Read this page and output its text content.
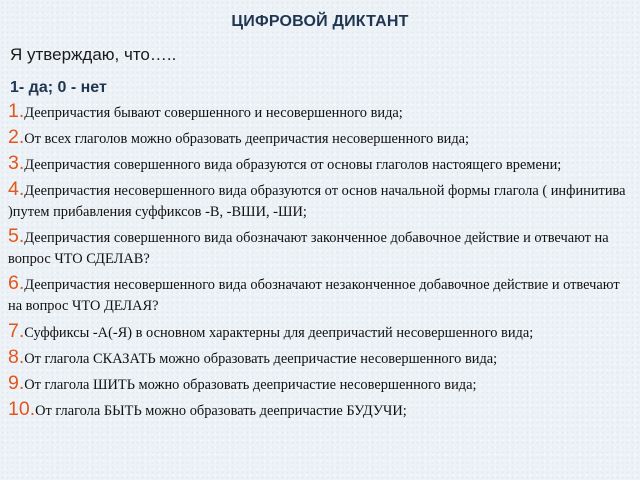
ЦИФРОВОЙ ДИКТАНТ
Я утверждаю, что…..
1- да; 0 - нет
1.Деепричастия бывают совершенного и несовершенного вида;
2.От всех глаголов можно образовать деепричастия несовершенного вида;
3.Деепричастия совершенного вида образуются от основы глаголов настоящего времени;
4.Деепричастия несовершенного вида образуются от основ начальной формы глагола ( инфинитива )путем прибавления суффиксов -В, -ВШИ, -ШИ;
5.Деепричастия совершенного вида обозначают законченное добавочное действие и отвечают на вопрос ЧТО СДЕЛАВ?
6.Деепричастия несовершенного вида обозначают незаконченное добавочное действие и отвечают на вопрос ЧТО ДЕЛАЯ?
7.Суффиксы -А(-Я) в основном характерны для деепричастий несовершенного вида;
8.От глагола СКАЗАТЬ можно образовать деепричастие несовершенного вида;
9.От глагола ШИТЬ можно образовать деепричастие несовершенного вида;
10.От глагола БЫТЬ можно образовать деепричастие БУДУЧИ;
